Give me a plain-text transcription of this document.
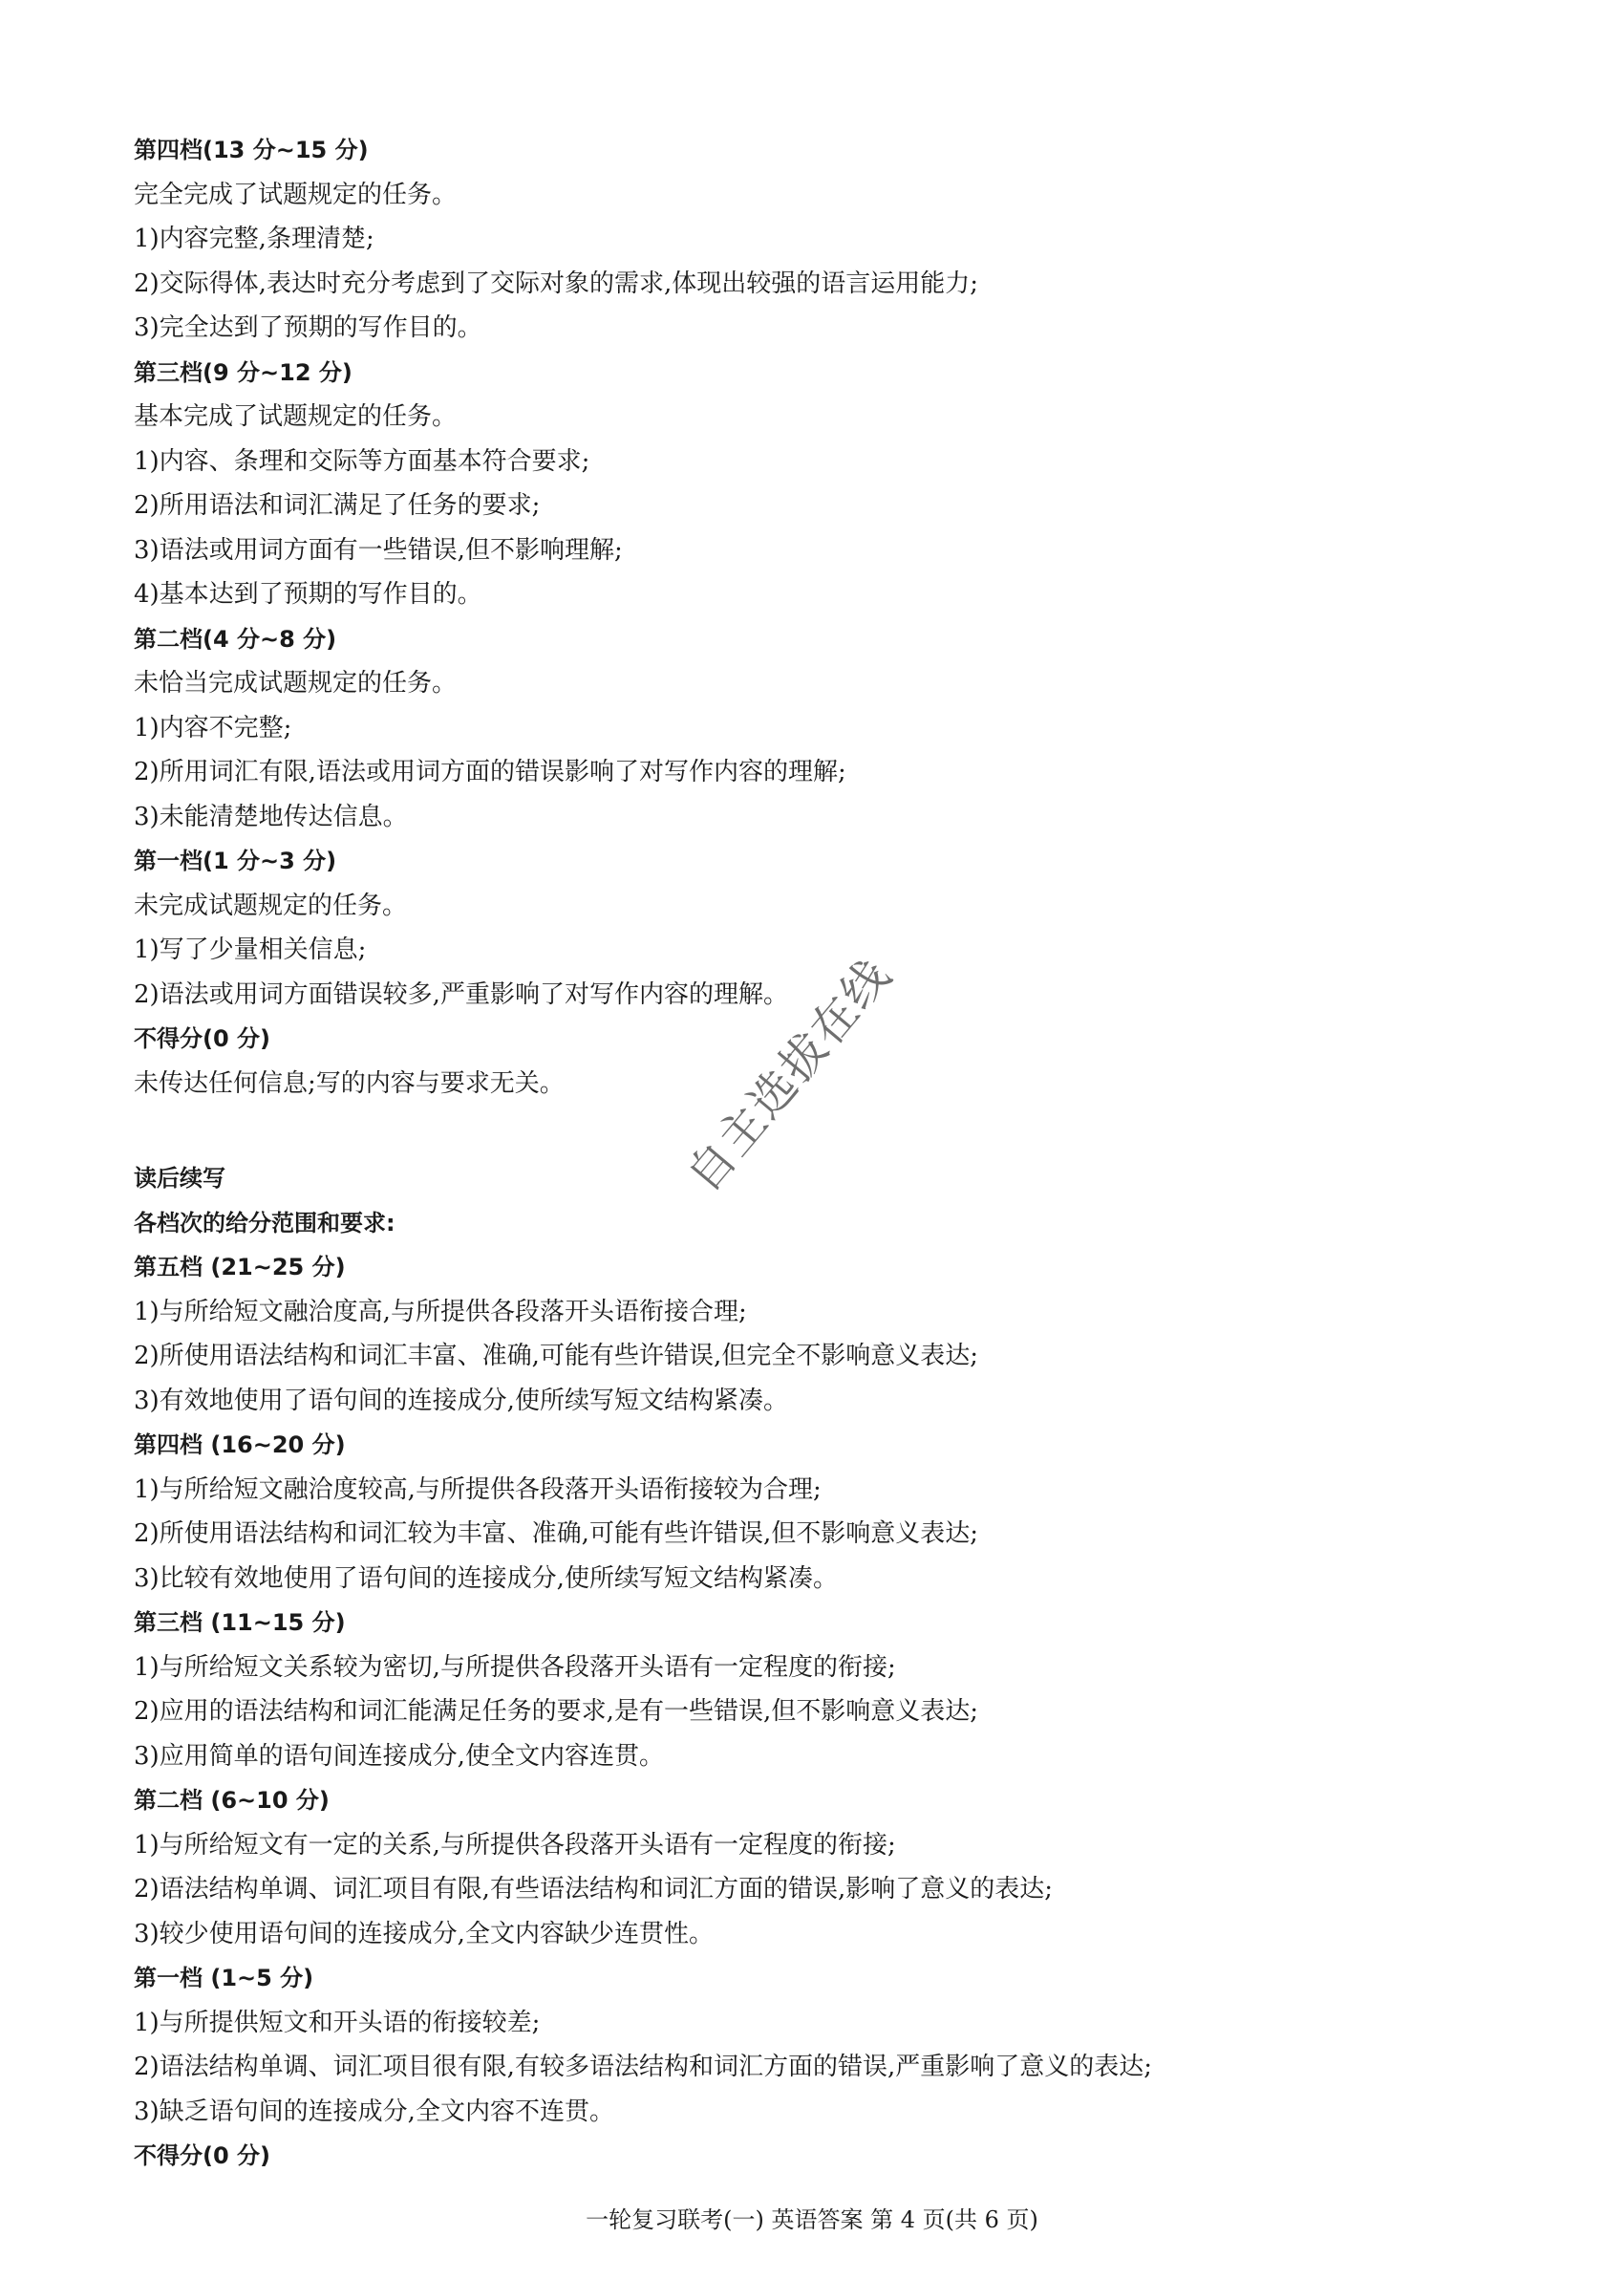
第四档(13 分~15 分)
完全完成了试题规定的任务。
1)内容完整,条理清楚;
2)交际得体,表达时充分考虑到了交际对象的需求,体现出较强的语言运用能力;
3)完全达到了预期的写作目的。
第三档(9 分~12 分)
基本完成了试题规定的任务。
1)内容、条理和交际等方面基本符合要求;
2)所用语法和词汇满足了任务的要求;
3)语法或用词方面有一些错误,但不影响理解;
4)基本达到了预期的写作目的。
第二档(4 分~8 分)
未恰当完成试题规定的任务。
1)内容不完整;
2)所用词汇有限,语法或用词方面的错误影响了对写作内容的理解;
3)未能清楚地传达信息。
第一档(1 分~3 分)
未完成试题规定的任务。
1)写了少量相关信息;
2)语法或用词方面错误较多,严重影响了对写作内容的理解。
不得分(0 分)
未传达任何信息;写的内容与要求无关。	自主选拔在线
读后续写
各档次的给分范围和要求:
第五档 (21~25 分)
1)与所给短文融洽度高,与所提供各段落开头语衔接合理;
2)所使用语法结构和词汇丰富、准确,可能有些许错误,但完全不影响意义表达;
3)有效地使用了语句间的连接成分,使所续写短文结构紧凑。
第四档 (16~20 分)
1)与所给短文融洽度较高,与所提供各段落开头语衔接较为合理;
2)所使用语法结构和词汇较为丰富、准确,可能有些许错误,但不影响意义表达;
3)比较有效地使用了语句间的连接成分,使所续写短文结构紧凑。
第三档 (11~15 分)
1)与所给短文关系较为密切,与所提供各段落开头语有一定程度的衔接;
2)应用的语法结构和词汇能满足任务的要求,是有一些错误,但不影响意义表达;
3)应用简单的语句间连接成分,使全文内容连贯。
第二档 (6~10 分)
1)与所给短文有一定的关系,与所提供各段落开头语有一定程度的衔接;
2)语法结构单调、词汇项目有限,有些语法结构和词汇方面的错误,影响了意义的表达;
3)较少使用语句间的连接成分,全文内容缺少连贯性。
第一档 (1~5 分)
1)与所提供短文和开头语的衔接较差;
2)语法结构单调、词汇项目很有限,有较多语法结构和词汇方面的错误,严重影响了意义的表达;
3)缺乏语句间的连接成分,全文内容不连贯。
不得分(0 分)
一轮复习联考(一) 英语答案 第 4 页(共 6 页)
